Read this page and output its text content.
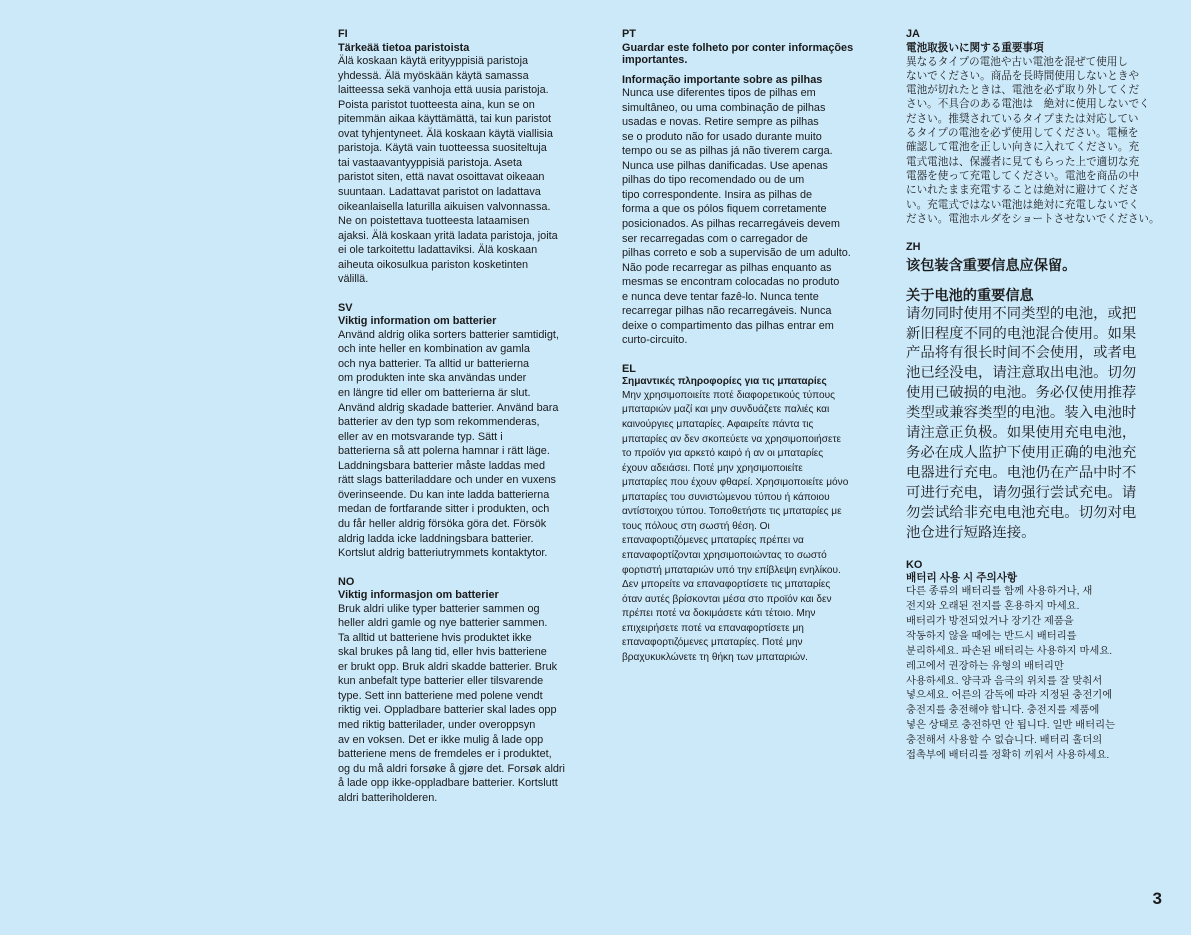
FI
Tärkeää tietoa paristoista

Älä koskaan käytä erityyppisiä paristoja

yhdessä. Älä myöskään käytä samassa

laitteessa sekä vanhoja että uusia paristoja.

Poista paristot tuotteesta aina, kun se on

pitemmän aikaa käyttämättä, tai kun paristot

ovat tyhjentyneet. Älä koskaan käytä viallisia

paristoja. Käytä vain tuotteessa suositeltuja

tai vastaavantyyppisiä paristoja. Aseta

paristot siten, että navat osoittavat oikeaan

suuntaan. Ladattavat paristot on ladattava

oikeanlaisella laturilla aikuisen valvonnassa.

Ne on poistettava tuotteesta lataamisen

ajaksi. Älä koskaan yritä ladata paristoja, joita

ei ole tarkoitettu ladattaviksi. Älä koskaan

aiheuta oikosulkua pariston kosketinten

välillä.

SV
Viktig information om batterier

Använd aldrig olika sorters batterier samtidigt,

och inte heller en kombination av gamla

och nya batterier. Ta alltid ur batterierna

om produkten inte ska användas under

en längre tid eller om batterierna är slut.

Använd aldrig skadade batterier. Använd bara

batterier av den typ som rekommenderas,

eller av en motsvarande typ. Sätt i

batterierna så att polerna hamnar i rätt läge.

Laddningsbara batterier måste laddas med

rätt slags batteriladdare och under en vuxens

överinseende. Du kan inte ladda batterierna

medan de fortfarande sitter i produkten, och

du får heller aldrig försöka göra det. Försök

aldrig ladda icke laddningsbara batterier.

Kortslut aldrig batteriutrymmets kontaktytor.

NO
Viktig informasjon om batterier

Bruk aldri ulike typer batterier sammen og

heller aldri gamle og nye batterier sammen.

Ta alltid ut batteriene hvis produktet ikke

skal brukes på lang tid, eller hvis batteriene

er brukt opp. Bruk aldri skadde batterier. Bruk

kun anbefalt type batterier eller tilsvarende

type. Sett inn batteriene med polene vendt

riktig vei. Oppladbare batterier skal lades opp

med riktig batterilader, under overoppsyn

av en voksen. Det er ikke mulig å lade opp

batteriene mens de fremdeles er i produktet,

og du må aldri forsøke å gjøre det. Forsøk aldri

å lade opp ikke-oppladbare batterier. Kortslutt

aldri batteriholderen.

PT
Guardar este folheto por conter informações importantes.
Informação importante sobre as pilhas

Nunca use diferentes tipos de pilhas em

simultâneo, ou uma combinação de pilhas

usadas e novas. Retire sempre as pilhas

se o produto não for usado durante muito

tempo ou se as pilhas já não tiverem carga.

Nunca use pilhas danificadas. Use apenas

pilhas do tipo recomendado ou de um

tipo correspondente. Insira as pilhas de

forma a que os pólos fiquem corretamente

posicionados. As pilhas recarregáveis devem

ser recarregadas com o carregador de

pilhas correto e sob a supervisão de um adulto.

Não pode recarregar as pilhas enquanto as

mesmas se encontram colocadas no produto

e nunca deve tentar fazê-lo. Nunca tente

recarregar pilhas não recarregáveis. Nunca

deixe o compartimento das pilhas entrar em

curto-circuito.

EL
Σημαντικές πληροφορίες για τις μπαταρίες

Μην χρησιμοποιείτε ποτέ διαφορετικούς τύπους

μπαταριών μαζί και μην συνδυάζετε παλιές και

καινούργιες μπαταρίες. Αφαιρείτε πάντα τις

μπαταρίες αν δεν σκοπεύετε να χρησιμοποιήσετε

το προϊόν για αρκετό καιρό ή αν οι μπαταρίες

έχουν αδειάσει. Ποτέ μην χρησιμοποιείτε

μπαταρίες που έχουν φθαρεί. Χρησιμοποιείτε μόνο

μπαταρίες του συνιστώμενου τύπου ή κάποιου

αντίστοιχου τύπου. Τοποθετήστε τις μπαταρίες με

τους πόλους στη σωστή θέση. Οι

επαναφορτιζόμενες μπαταρίες πρέπει να

επαναφορτίζονται χρησιμοποιώντας το σωστό

φορτιστή μπαταριών υπό την επίβλεψη ενηλίκου.

Δεν μπορείτε να επαναφορτίσετε τις μπαταρίες

όταν αυτές βρίσκονται μέσα στο προϊόν και δεν

πρέπει ποτέ να δοκιμάσετε κάτι τέτοιο. Μην

επιχειρήσετε ποτέ να επαναφορτίσετε μη

επαναφορτιζόμενες μπαταρίες. Ποτέ μην

βραχυκυκλώνετε τη θήκη των μπαταριών.

JA
電池取扱いに関する重要事項

異なるタイプの電池や古い電池を混ぜて使用し

ないでください。商品を長時間使用しないときや

電池が切れたときは、電池を必ず取り外してくだ

さい。不具合のある電池は　絶対に使用しないでく

ださい。推奨されているタイプまたは対応してい

るタイプの電池を必ず使用してください。電極を

確認して電池を正しい向きに入れてください。充

電式電池は、保護者に見てもらった上で適切な充

電器を使って充電してください。電池を商品の中

にいれたまま充電することは絶対に避けてくださ

い。充電式ではない電池は絶対に充電しないでく

ださい。電池ホルダをショートさせないでください。

ZH
该包装含重要信息应保留。
关于电池的重要信息

请勿同时使用不同类型的电池，或把

新旧程度不同的电池混合使用。如果

产品将有很长时间不会使用，或者电

池已经没电，请注意取出电池。切勿

使用已破损的电池。务必仅使用推荐

类型或兼容类型的电池。装入电池时

请注意正负极。如果使用充电电池，

务必在成人监护下使用正确的电池充

电器进行充电。电池仍在产品中时不

可进行充电，请勿强行尝试充电。请

勿尝试给非充电电池充电。切勿对电

池仓进行短路连接。

KO
배터리 사용 시 주의사항

다른 종류의 배터리를 함께 사용하거나, 새

전지와 오래된 전지를 혼용하지 마세요.

배터리가 방전되었거나 장기간 제품을

작동하지 않을 때에는 반드시 배터리를

분리하세요. 파손된 배터리는 사용하지 마세요.

레고에서 권장하는 유형의 배터리만

사용하세요. 양극과 음극의 위치를 잘 맞춰서

넣으세요. 어른의 감독에 따라 지정된 충전기에

충전지를 충전해야 합니다. 충전지를 제품에

넣은 상태로 충전하면 안 됩니다. 일반 배터리는

충전해서 사용할 수 없습니다. 배터리 홀더의

접촉부에 배터리를 정확히 끼워서 사용하세요.

3
